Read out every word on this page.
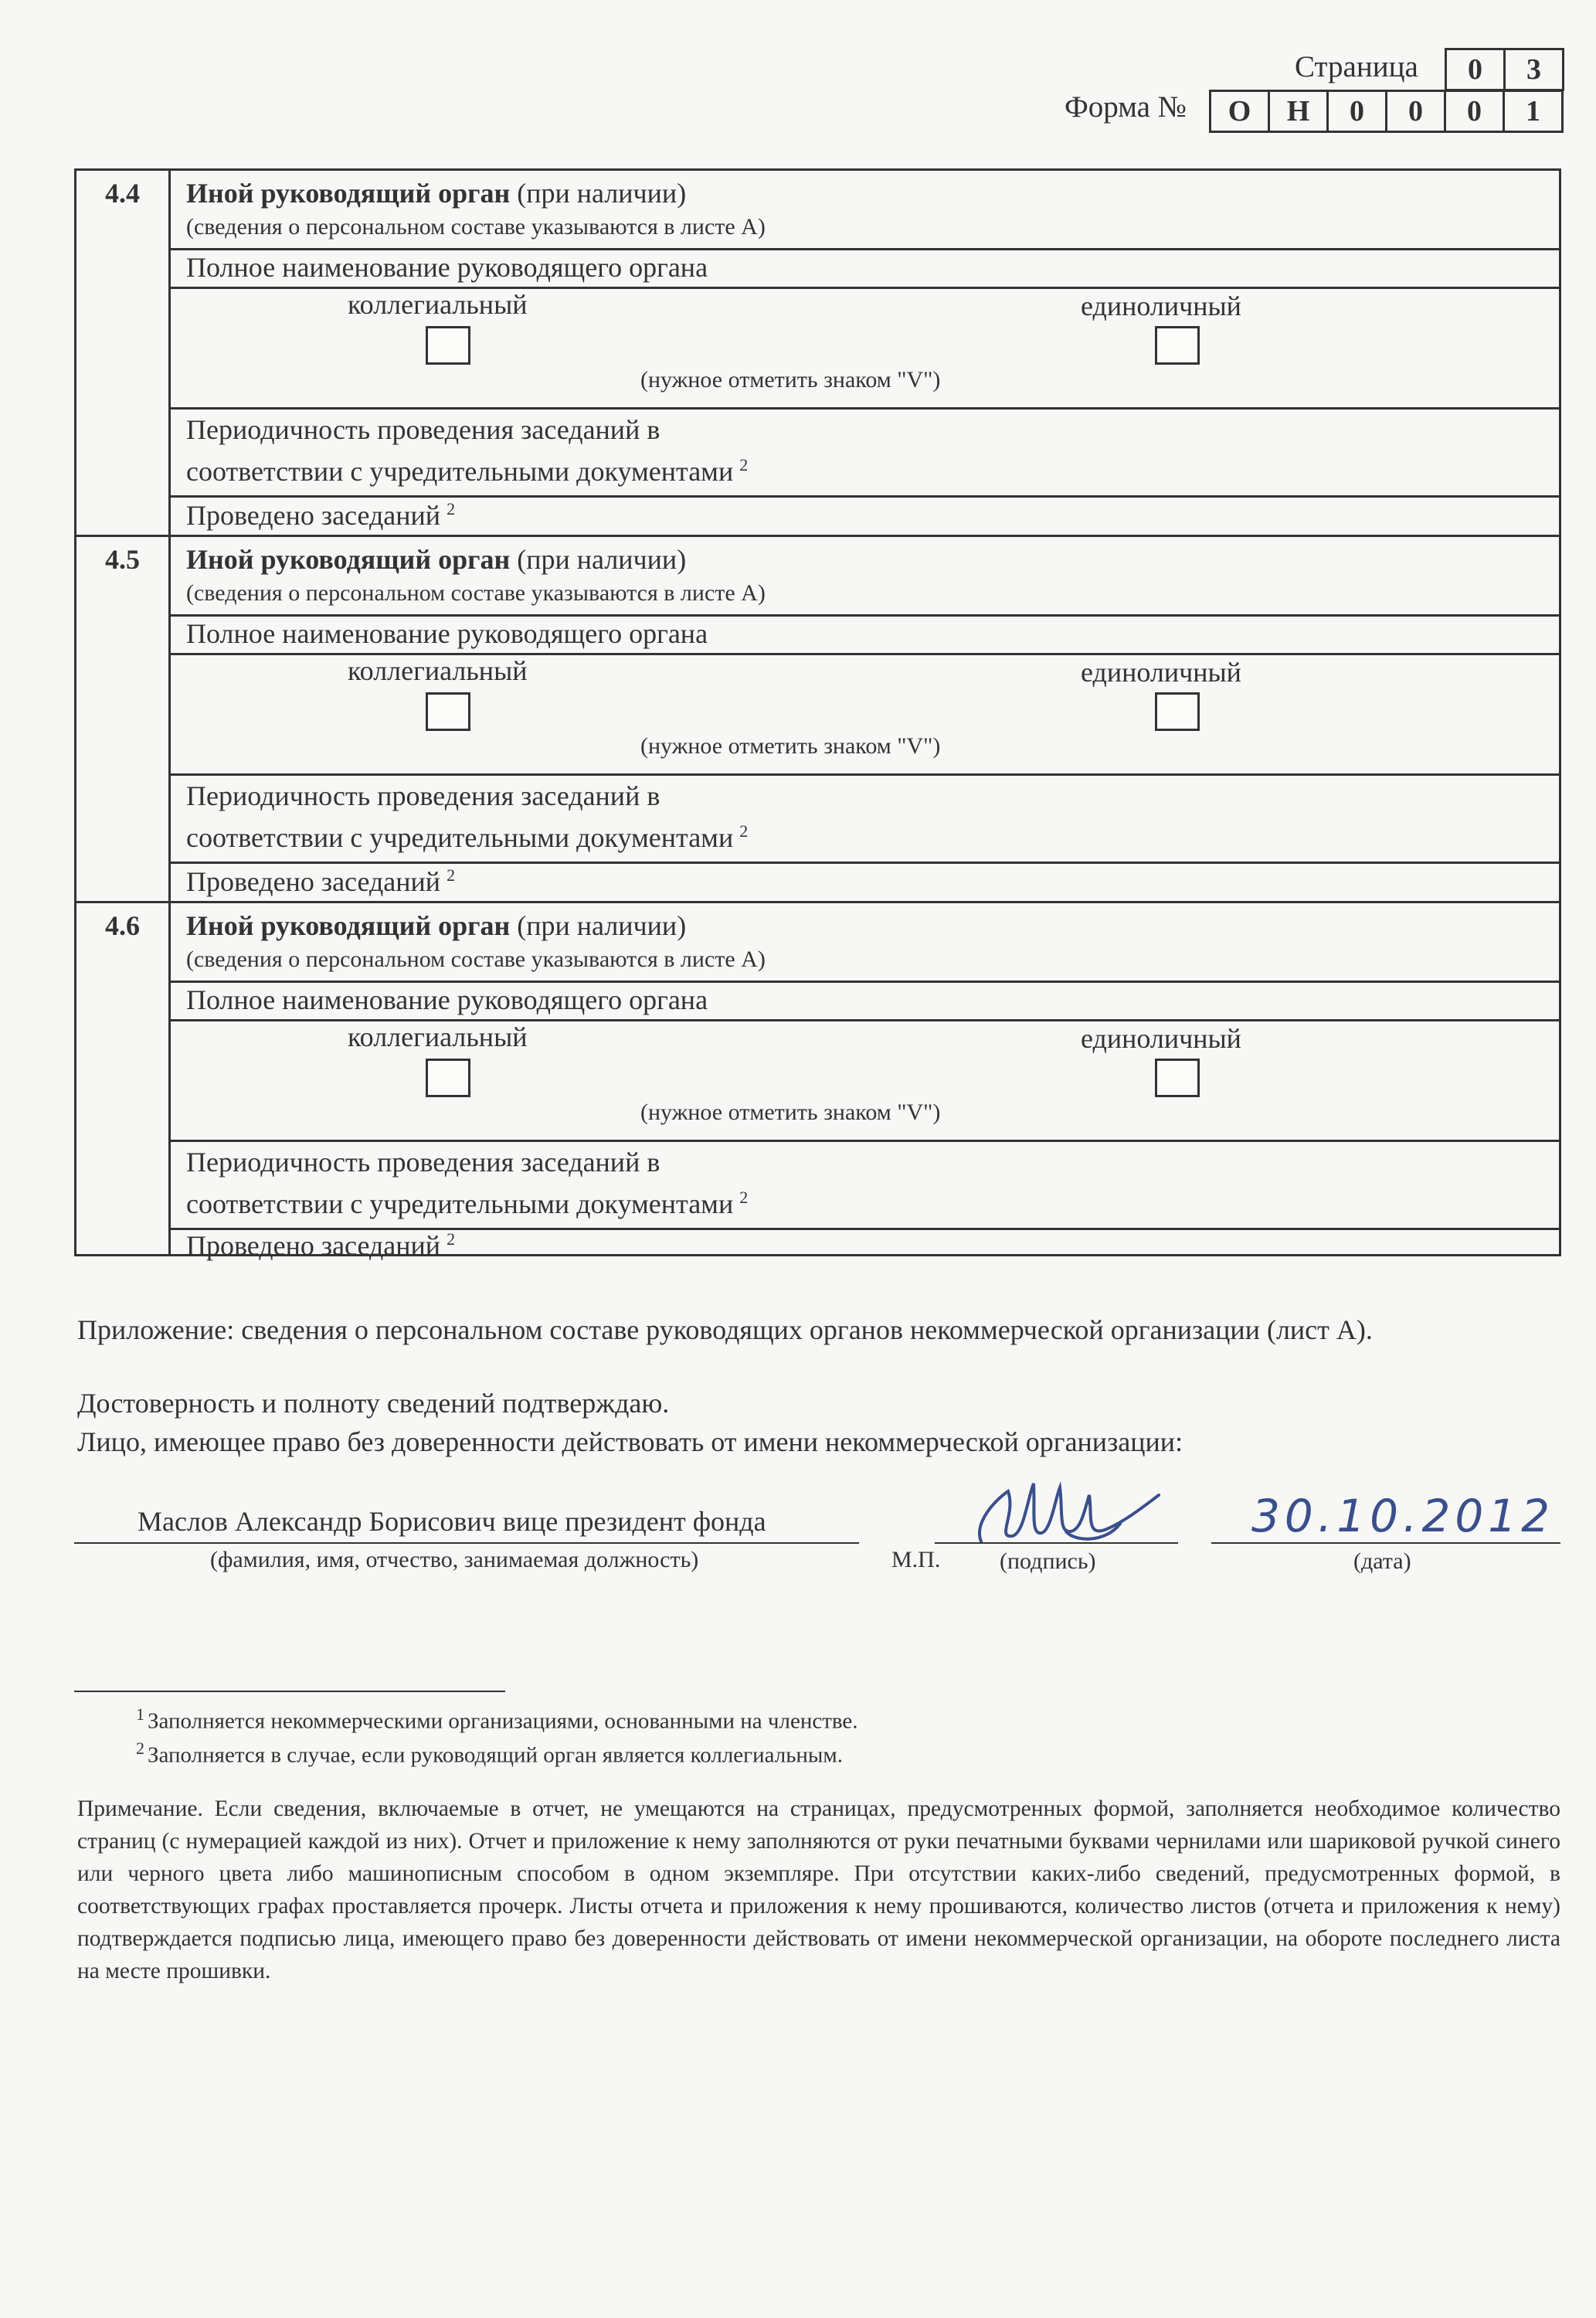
Страница	0	3
Форма №	О	Н	0	0	0	1
4.4	Иной руководящий орган (при наличии)
(сведения о персональном составе указываются в листе А)
Полное наименование руководящего органа
коллегиальный	единоличный
(нужное отметить знаком "V")
Периодичность проведения заседаний в
соответствии с учредительными документами $^2$
Проведено заседаний $^2$
4.5	Иной руководящий орган (при наличии)
(сведения о персональном составе указываются в листе А)
Полное наименование руководящего органа
коллегиальный	единоличный
(нужное отметить знаком "V")
Периодичность проведения заседаний в
соответствии с учредительными документами $^2$
Проведено заседаний $^2$
4.6	Иной руководящий орган (при наличии)
(сведения о персональном составе указываются в листе А)
Полное наименование руководящего органа
коллегиальный	единоличный
(нужное отметить знаком "V")
Периодичность проведения заседаний в
соответствии с учредительными документами $^2$
Проведено заседаний $^2$
Приложение: сведения о персональном составе руководящих органов некоммерческой организации (лист А).
Достоверность и полноту сведений подтверждаю.
Лицо, имеющее право без доверенности действовать от имени некоммерческой организации:
Маслов Александр Борисович вице президент фонда
(фамилия, имя, отчество, занимаемая должность)	М.П.	(подпись)
30.10.2012
(дата)
$^1$ Заполняется некоммерческими организациями, основанными на членстве.
$^2$ Заполняется в случае, если руководящий орган является коллегиальным.
Примечание. Если сведения, включаемые в отчет, не умещаются на страницах, предусмотренных формой, заполняется необходимое количество страниц (с нумерацией каждой из них). Отчет и приложение к нему заполняются от руки печатными буквами чернилами или шариковой ручкой синего или черного цвета либо машинописным способом в одном экземпляре. При отсутствии каких-либо сведений, предусмотренных формой, в соответствующих графах проставляется прочерк. Листы отчета и приложения к нему прошиваются, количество листов (отчета и приложения к нему) подтверждается подписью лица, имеющего право без доверенности действовать от имени некоммерческой организации, на обороте последнего листа на месте прошивки.
